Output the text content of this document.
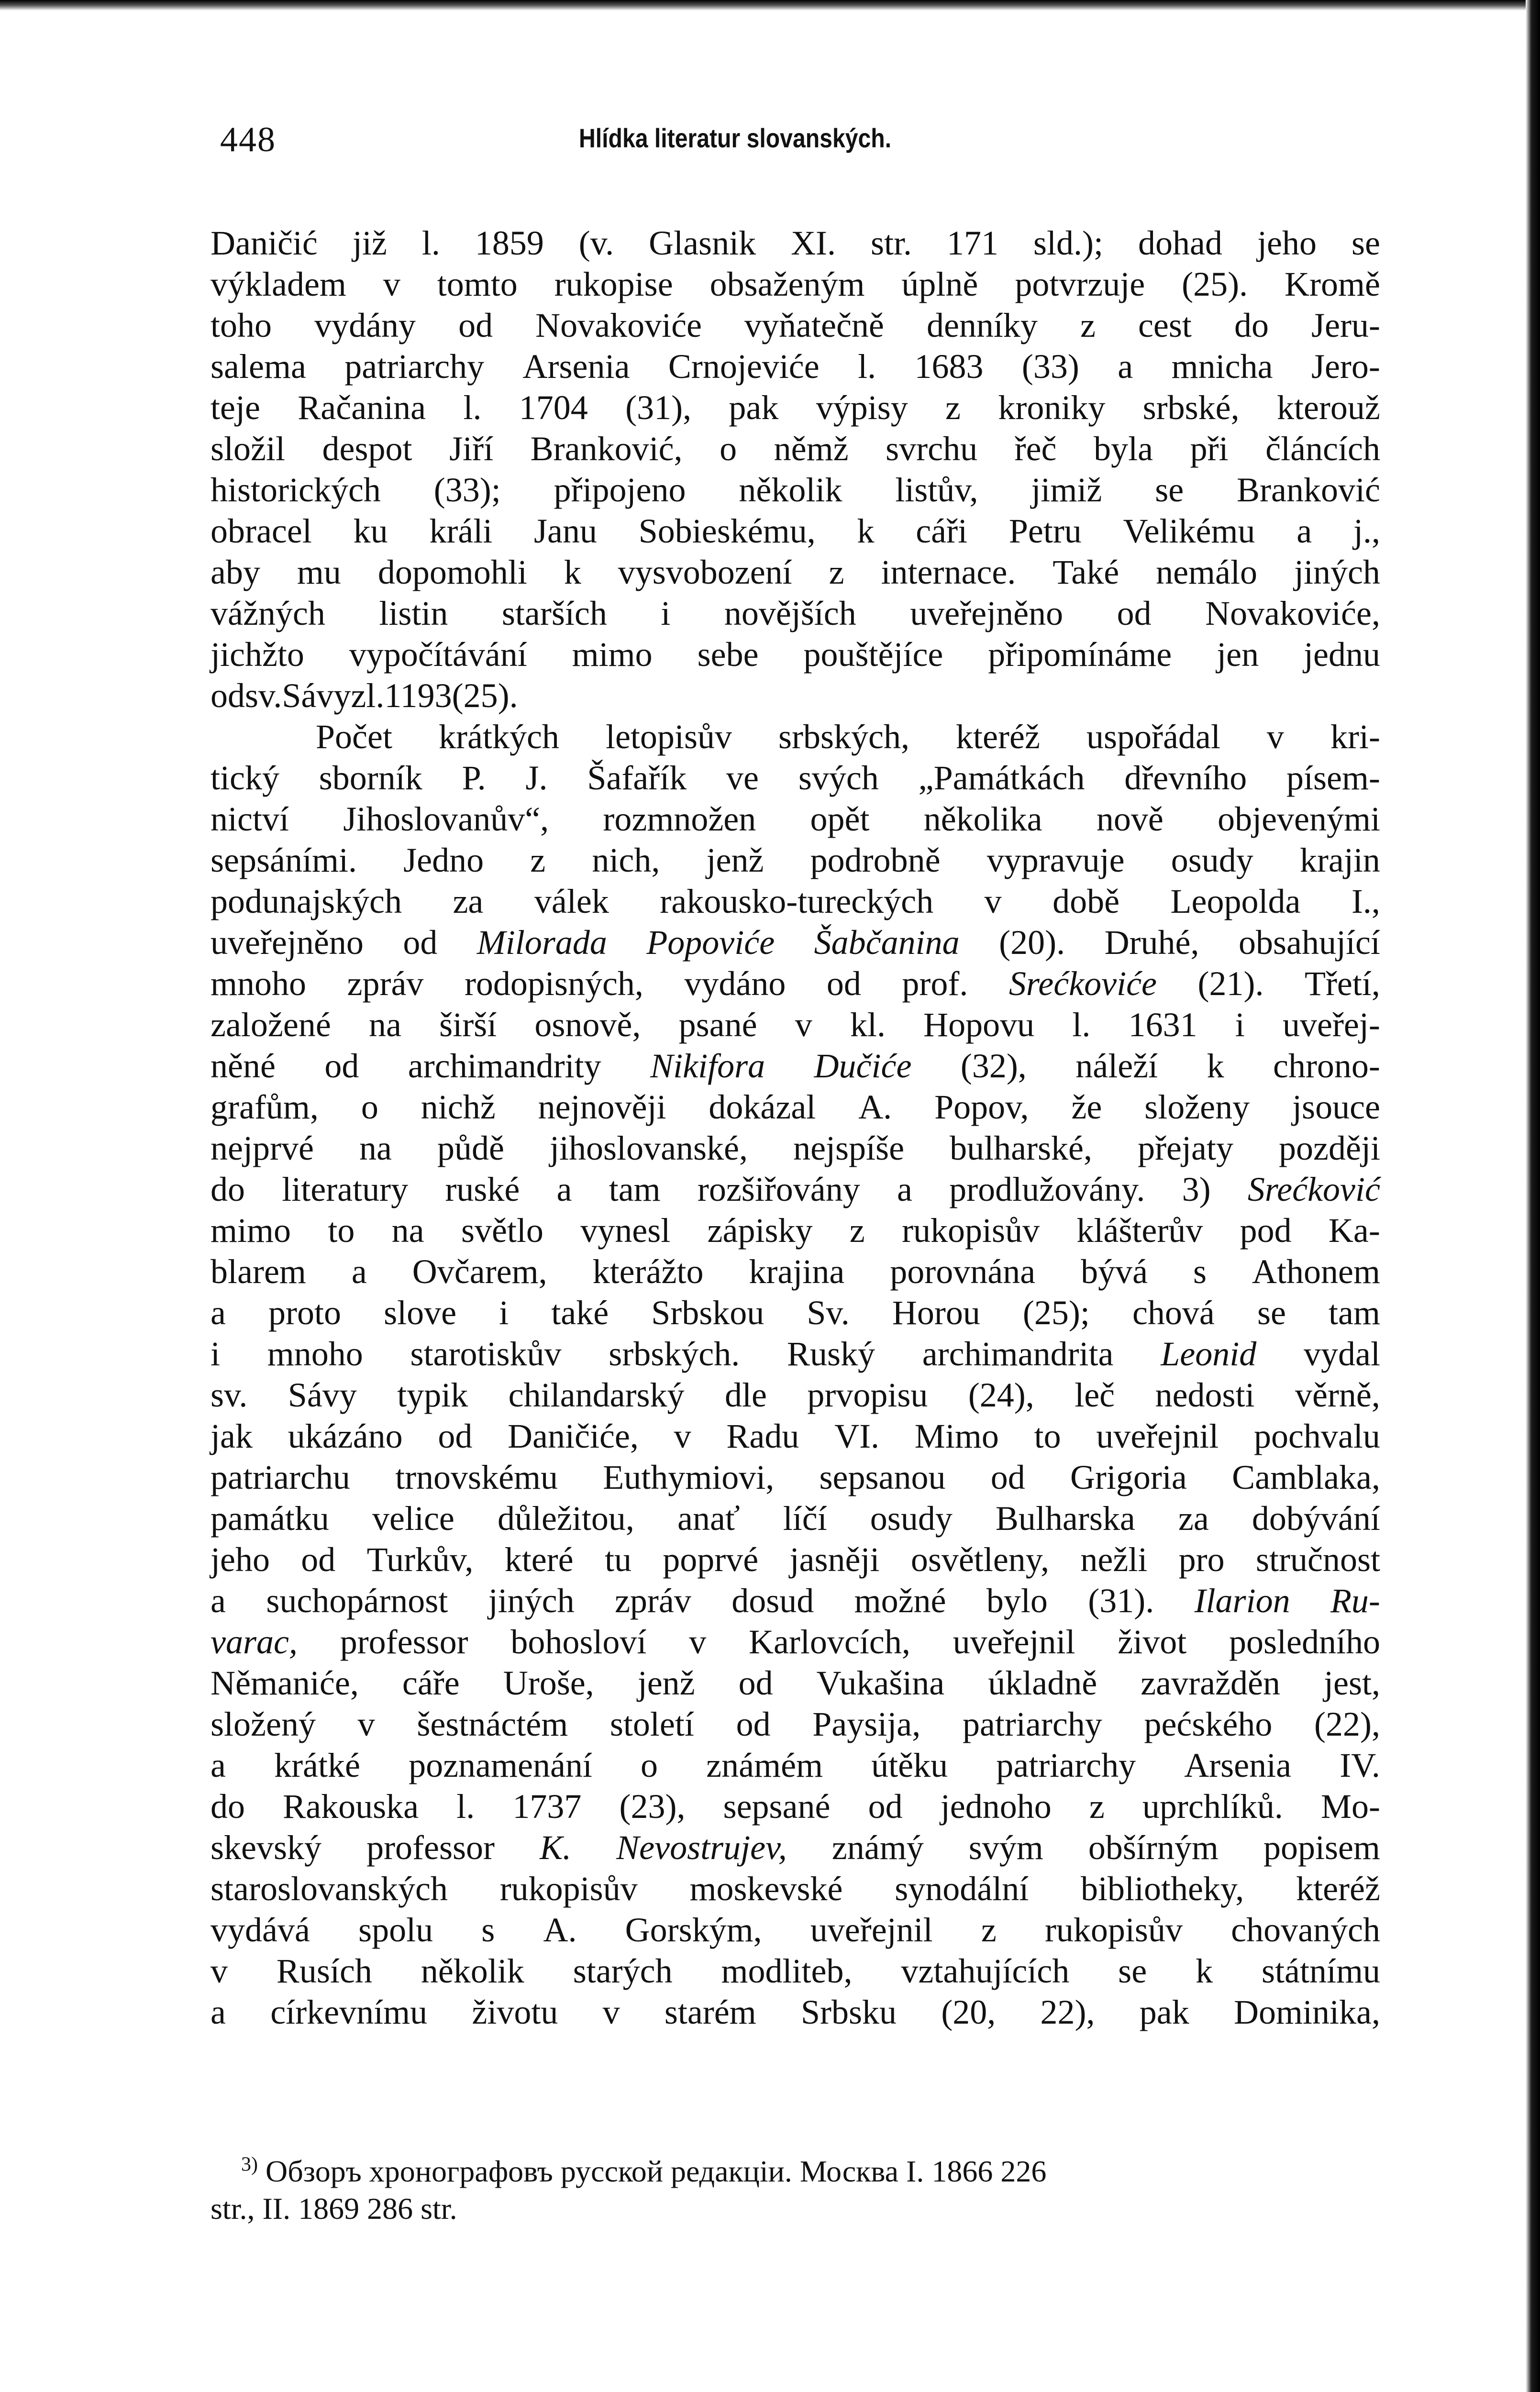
448	Hlídka literatur slovanských.
Daničić již l. 1859 (v. Glasnik XI. str. 171 sld.); dohad jeho se
výkladem v tomto rukopise obsaženým úplně potvrzuje (25). Kromě
toho vydány od Novakoviće vyňatečně denníky z cest do Jeru-
salema patriarchy Arsenia Crnojeviće l. 1683 (33) a mnicha Jero-
teje Račanina l. 1704 (31), pak výpisy z kroniky srbské, kterouž
složil despot Jiří Branković, o němž svrchu řeč byla při článcích
historických (33); připojeno několik listův, jimiž se Branković
obracel ku králi Janu Sobieskému, k cáři Petru Velikému a j.,
aby mu dopomohli k vysvobození z internace. Také nemálo jiných
vážných listin starších i novějších uveřejněno od Novakoviće,
jichžto vypočítávání mimo sebe pouštějíce připomínáme jen jednu
od sv. Sávy z l. 1193 (25).
Počet krátkých letopisův srbských, kteréž uspořádal v kri-
tický sborník P. J. Šafařík ve svých „Památkách dřevního písem-
nictví Jihoslovanův“, rozmnožen opět několika nově objevenými
sepsáními. Jedno z nich, jenž podrobně vypravuje osudy krajin
podunajských za válek rakousko-tureckých v době Leopolda I.,
uveřejněno od Milorada Popoviće Šabčanina (20). Druhé, obsahující
mnoho zpráv rodopisných, vydáno od prof. Srećkoviće (21). Třetí,
založené na širší osnově, psané v kl. Hopovu l. 1631 i uveřej-
něné od archimandrity Nikifora Dučiće (32), náleží k chrono-
grafům, o nichž nejnověji dokázal A. Popov, že složeny jsouce
nejprvé na půdě jihoslovanské, nejspíše bulharské, přejaty později
do literatury ruské a tam rozšiřovány a prodlužovány. 3) Srećković
mimo to na světlo vynesl zápisky z rukopisův klášterův pod Ka-
blarem a Ovčarem, kterážto krajina porovnána bývá s Athonem
a proto slove i také Srbskou Sv. Horou (25); chová se tam
i mnoho starotiskův srbských. Ruský archimandrita Leonid vydal
sv. Sávy typik chilandarský dle prvopisu (24), leč nedosti věrně,
jak ukázáno od Daničiće, v Radu VI. Mimo to uveřejnil pochvalu
patriarchu trnovskému Euthymiovi, sepsanou od Grigoria Camblaka,
památku velice důležitou, anať líčí osudy Bulharska za dobývání
jeho od Turkův, které tu poprvé jasněji osvětleny, nežli pro stručnost
a suchopárnost jiných zpráv dosud možné bylo (31). Ilarion Ru-
varac, professor bohosloví v Karlovcích, uveřejnil život posledního
Němaniće, cáře Uroše, jenž od Vukašina úkladně zavražděn jest,
složený v šestnáctém století od Paysija, patriarchy pećského (22),
a krátké poznamenání o známém útěku patriarchy Arsenia IV.
do Rakouska l. 1737 (23), sepsané od jednoho z uprchlíků. Mo-
skevský professor K. Nevostrujev, známý svým obšírným popisem
staroslovanských rukopisův moskevské synodální bibliotheky, kteréž
vydává spolu s A. Gorským, uveřejnil z rukopisův chovaných
v Rusích několik starých modliteb, vztahujících se k státnímu
a církevnímu životu v starém Srbsku (20, 22), pak Dominika,
$^{3)}$ Обзоръ хронографовъ русской редакціи. Москва I. 1866 226
str., II. 1869 286 str.
